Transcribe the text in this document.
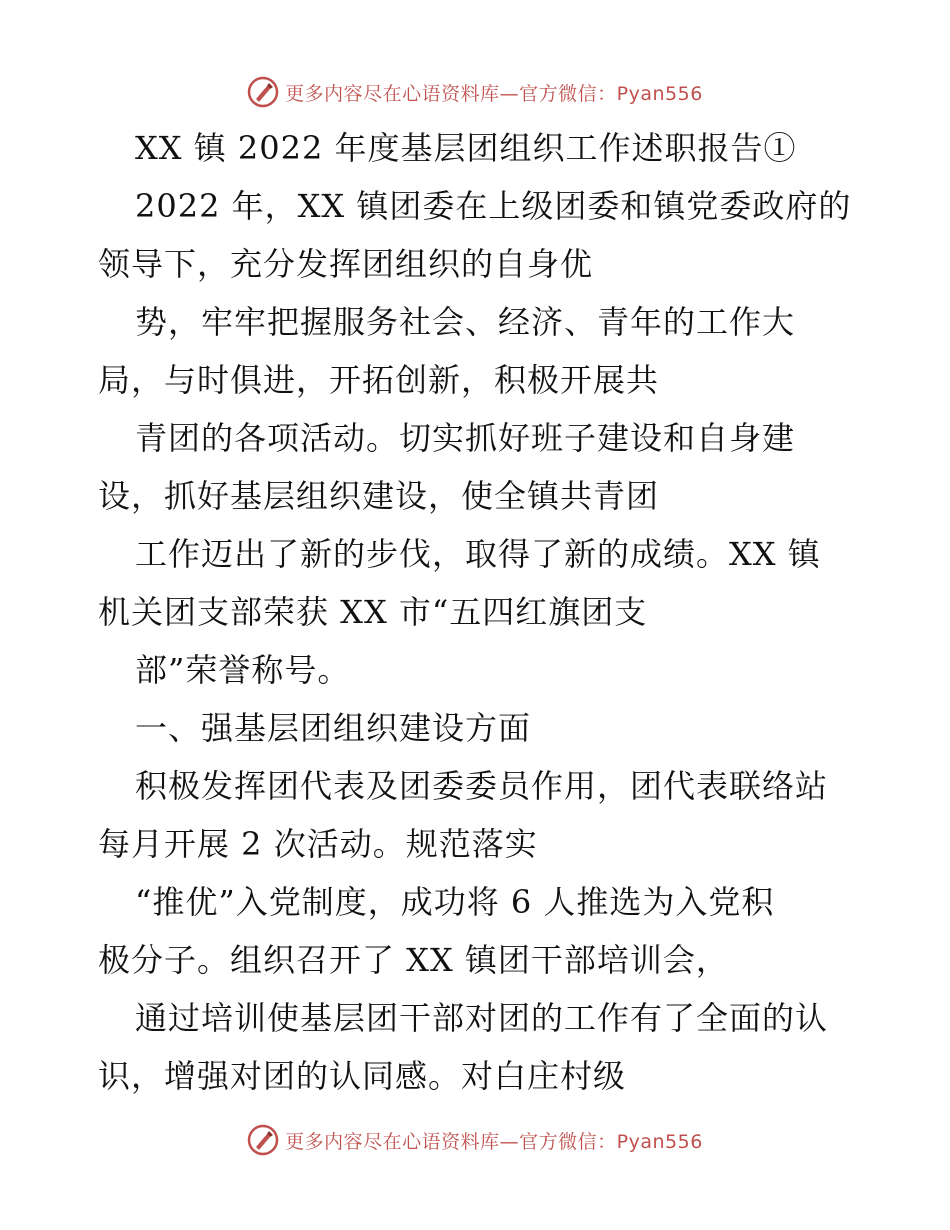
更多内容尽在心语资料库—官方微信：Pyan556
XX 镇 2022 年度基层团组织工作述职报告①
2022 年，XX 镇团委在上级团委和镇党委政府的
领导下，充分发挥团组织的自身优
势，牢牢把握服务社会、经济、青年的工作大
局，与时俱进，开拓创新，积极开展共
青团的各项活动。切实抓好班子建设和自身建
设，抓好基层组织建设，使全镇共青团
工作迈出了新的步伐，取得了新的成绩。XX 镇
机关团支部荣获 XX 市“五四红旗团支
部”荣誉称号。
一、强基层团组织建设方面
积极发挥团代表及团委委员作用，团代表联络站
每月开展 2 次活动。规范落实
“推优”入党制度，成功将 6 人推选为入党积
极分子。组织召开了 XX 镇团干部培训会，
通过培训使基层团干部对团的工作有了全面的认
识，增强对团的认同感。对白庄村级
更多内容尽在心语资料库—官方微信：Pyan556
